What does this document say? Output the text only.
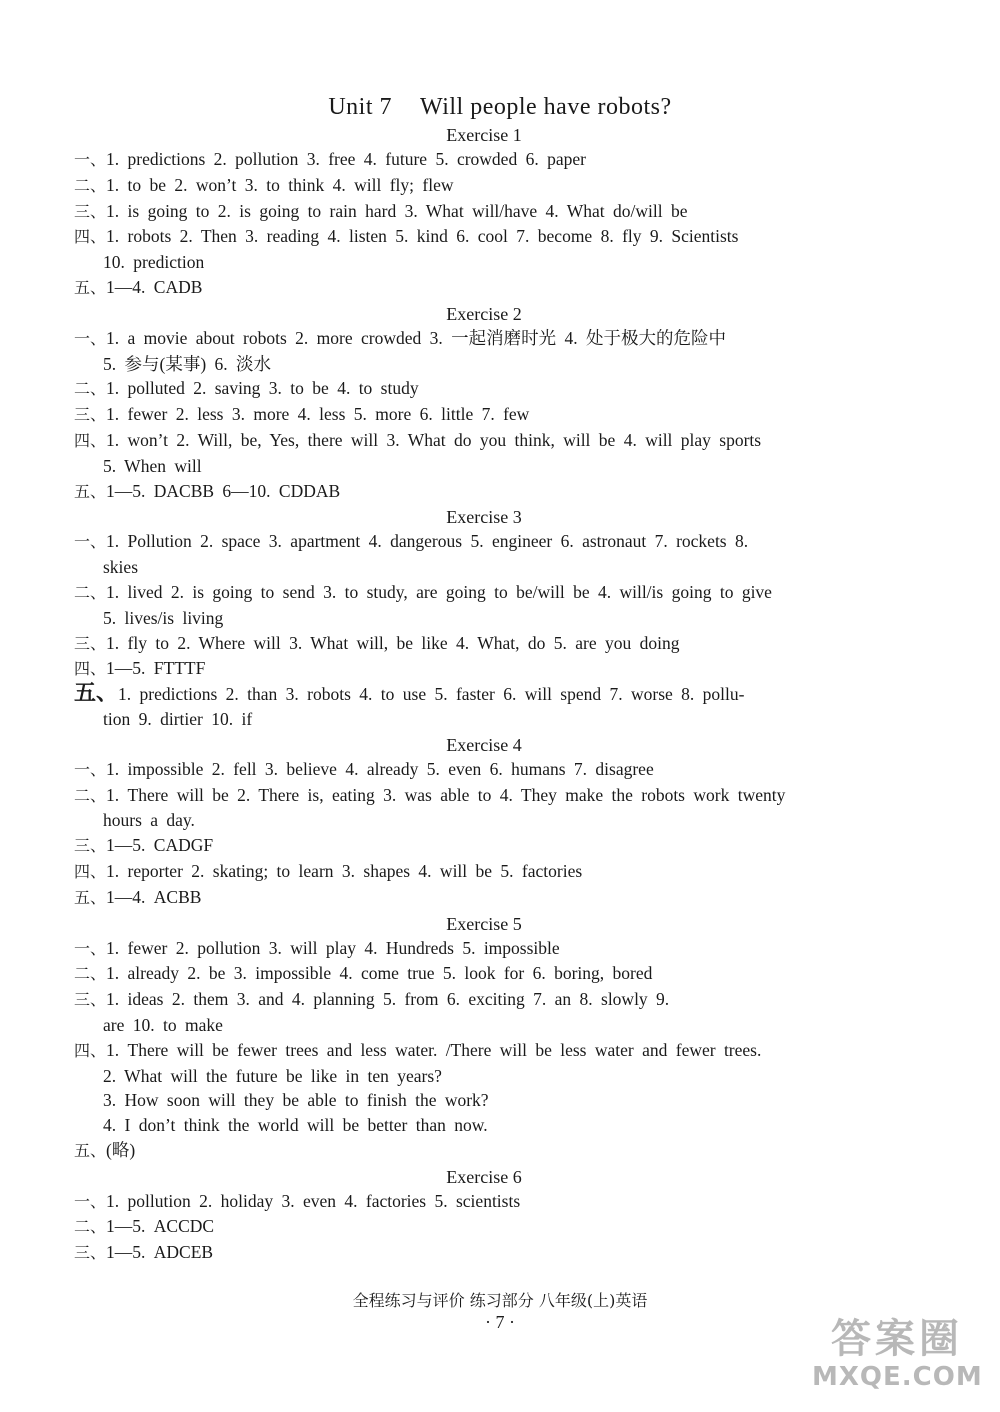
Unit 7 Will people have robots?
Exercise 1
一、1. predictions 2. pollution 3. free 4. future 5. crowded 6. paper
二、1. to be 2. won’t 3. to think 4. will fly; flew
三、1. is going to 2. is going to rain hard 3. What will/have 4. What do/will be
四、1. robots 2. Then 3. reading 4. listen 5. kind 6. cool 7. become 8. fly 9. Scientists
10. prediction
五、1—4. CADB
Exercise 2
一、1. a movie about robots 2. more crowded 3. 一起消磨时光 4. 处于极大的危险中
5. 参与(某事) 6. 淡水
二、1. polluted 2. saving 3. to be 4. to study
三、1. fewer 2. less 3. more 4. less 5. more 6. little 7. few
四、1. won’t 2. Will, be, Yes, there will 3. What do you think, will be 4. will play sports
5. When will
五、1—5. DACBB 6—10. CDDAB
Exercise 3
一、1. Pollution 2. space 3. apartment 4. dangerous 5. engineer 6. astronaut 7. rockets 8.
skies
二、1. lived 2. is going to send 3. to study, are going to be/will be 4. will/is going to give
5. lives/is living
三、1. fly to 2. Where will 3. What will, be like 4. What, do 5. are you doing
四、1—5. FTTTF
五、1. predictions 2. than 3. robots 4. to use 5. faster 6. will spend 7. worse 8. pollu-
tion 9. dirtier 10. if
Exercise 4
一、1. impossible 2. fell 3. believe 4. already 5. even 6. humans 7. disagree
二、1. There will be 2. There is, eating 3. was able to 4. They make the robots work twenty
hours a day.
三、1—5. CADGF
四、1. reporter 2. skating; to learn 3. shapes 4. will be 5. factories
五、1—4. ACBB
Exercise 5
一、1. fewer 2. pollution 3. will play 4. Hundreds 5. impossible
二、1. already 2. be 3. impossible 4. come true 5. look for 6. boring, bored
三、1. ideas 2. them 3. and 4. planning 5. from 6. exciting 7. an 8. slowly 9.
are 10. to make
四、1. There will be fewer trees and less water. /There will be less water and fewer trees.
2. What will the future be like in ten years?
3. How soon will they be able to finish the work?
4. I don’t think the world will be better than now.
五、(略)
Exercise 6
一、1. pollution 2. holiday 3. even 4. factories 5. scientists
二、1—5. ACCDC
三、1—5. ADCEB
全程练习与评价 练习部分 八年级(上)英语
· 7 ·	答案圈
MXQE.COM
